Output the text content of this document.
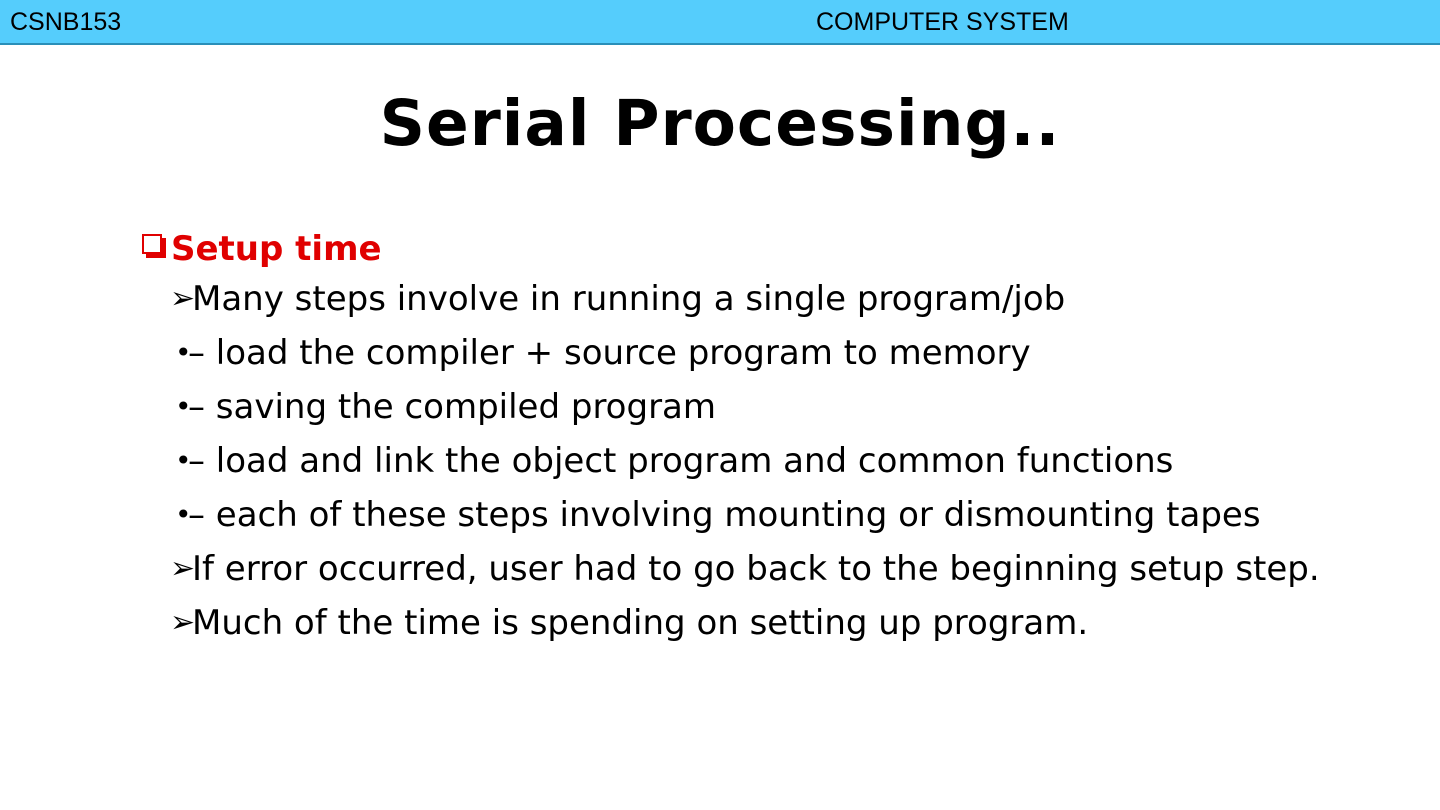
CSNB153	COMPUTER SYSTEM
Serial Processing..
Setup time
➢
Many steps involve in running a single program/job
•
– load the compiler + source program to memory
•
– saving the compiled program
•
– load and link the object program and common functions
•
– each of these steps involving mounting or dismounting tapes
➢
If error occurred, user had to go back to the beginning setup step.
➢
Much of the time is spending on setting up program.
